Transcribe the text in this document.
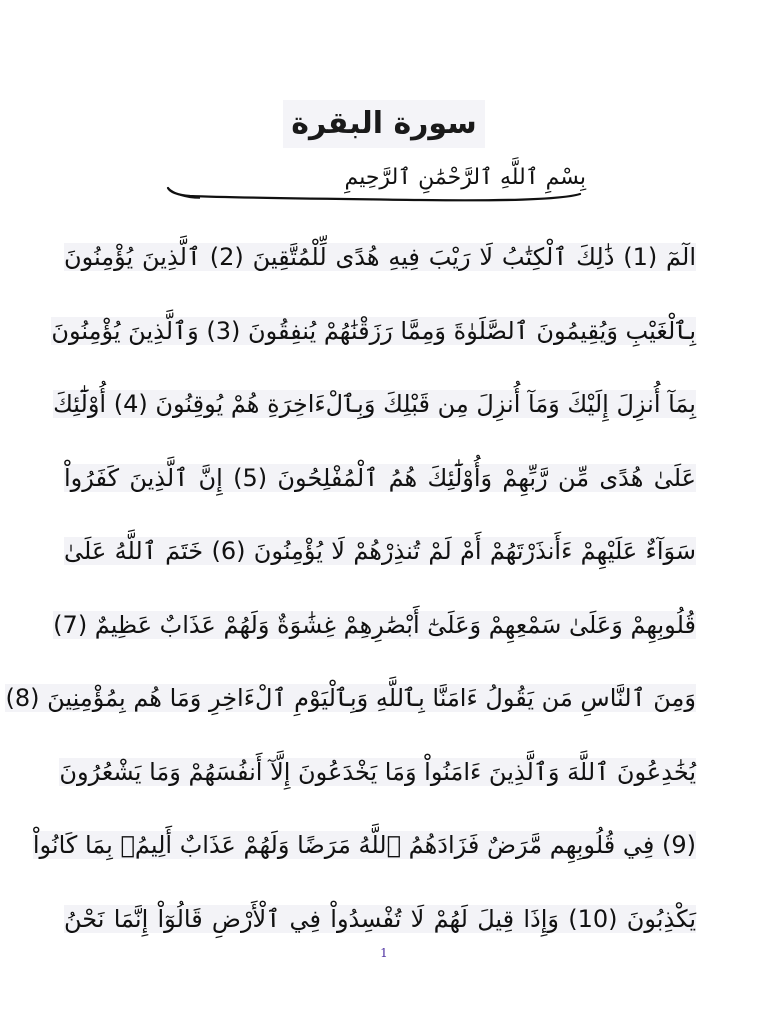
سورة البقرة
بِسْمِ ٱللَّهِ ٱلرَّحْمَٰنِ ٱلرَّحِيمِ
الٓمٓ (1) ذَٰلِكَ ٱلْكِتَٰبُ لَا رَيْبَ فِيهِ هُدًى لِّلْمُتَّقِينَ (2) ٱلَّذِينَ يُؤْمِنُونَ
بِٱلْغَيْبِ وَيُقِيمُونَ ٱلصَّلَوٰةَ وَمِمَّا رَزَقْنَٰهُمْ يُنفِقُونَ (3) وَٱلَّذِينَ يُؤْمِنُونَ
بِمَآ أُنزِلَ إِلَيْكَ وَمَآ أُنزِلَ مِن قَبْلِكَ وَبِٱلْءَاخِرَةِ هُمْ يُوقِنُونَ (4) أُوْلَٰٓئِكَ
عَلَىٰ هُدًى مِّن رَّبِّهِمْ وَأُوْلَٰٓئِكَ هُمُ ٱلْمُفْلِحُونَ (5) إِنَّ ٱلَّذِينَ كَفَرُواْ
سَوَآءٌ عَلَيْهِمْ ءَأَنذَرْتَهُمْ أَمْ لَمْ تُنذِرْهُمْ لَا يُؤْمِنُونَ (6) خَتَمَ ٱللَّهُ عَلَىٰ
قُلُوبِهِمْ وَعَلَىٰ سَمْعِهِمْ وَعَلَىٰٓ أَبْصَٰرِهِمْ غِشَٰوَةٌ وَلَهُمْ عَذَابٌ عَظِيمٌ (7)
وَمِنَ ٱلنَّاسِ مَن يَقُولُ ءَامَنَّا بِٱللَّهِ وَبِٱلْيَوْمِ ٱلْءَاخِرِ وَمَا هُم بِمُؤْمِنِينَ (8)
يُخَٰدِعُونَ ٱللَّهَ وَٱلَّذِينَ ءَامَنُواْ وَمَا يَخْدَعُونَ إِلَّآ أَنفُسَهُمْ وَمَا يَشْعُرُونَ
(9) فِي قُلُوبِهِم مَّرَضٌ فَزَادَهُمُ ٱللَّهُ مَرَضًا وَلَهُمْ عَذَابٌ أَلِيمُۢ بِمَا كَانُواْ
يَكْذِبُونَ (10) وَإِذَا قِيلَ لَهُمْ لَا تُفْسِدُواْ فِي ٱلْأَرْضِ قَالُوٓاْ إِنَّمَا نَحْنُ
1
